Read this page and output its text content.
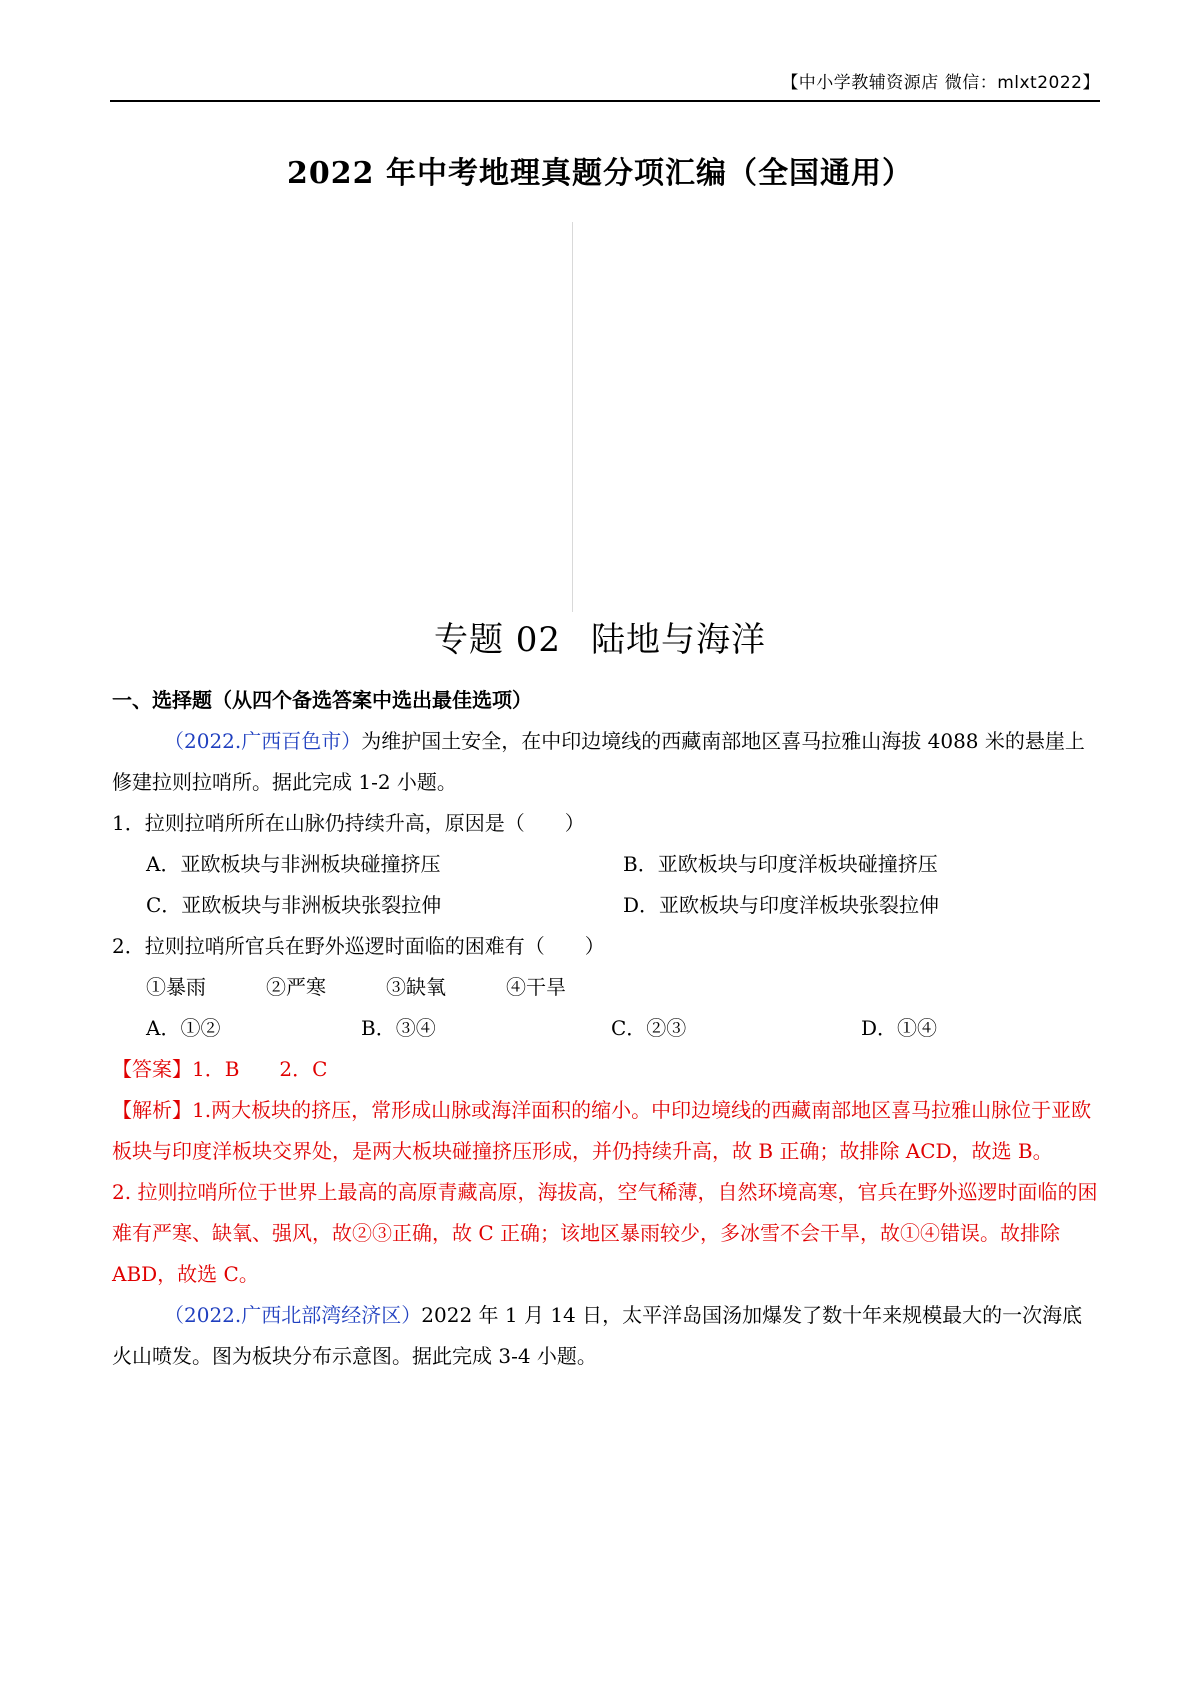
【中小学教辅资源店 微信：mlxt2022】
2022 年中考地理真题分项汇编（全国通用）
专题 02 陆地与海洋

一、选择题（从四个备选答案中选出最佳选项）

（2022.广西百色市）为维护国土安全，在中印边境线的西藏南部地区喜马拉雅山海拔 4088 米的悬崖上修建拉则拉哨所。据此完成 1-2 小题。

1．拉则拉哨所所在山脉仍持续升高，原因是（　　）

A．亚欧板块与非洲板块碰撞挤压	B．亚欧板块与印度洋板块碰撞挤压
C．亚欧板块与非洲板块张裂拉伸	D．亚欧板块与印度洋板块张裂拉伸

2．拉则拉哨所官兵在野外巡逻时面临的困难有（　　）

①暴雨	②严寒	③缺氧	④干旱
A．①②	B．③④	C．②③	D．①④

【答案】1．B　　2．C

【解析】1.两大板块的挤压，常形成山脉或海洋面积的缩小。中印边境线的西藏南部地区喜马拉雅山脉位于亚欧板块与印度洋板块交界处，是两大板块碰撞挤压形成，并仍持续升高，故 B 正确；故排除 ACD，故选 B。

2. 拉则拉哨所位于世界上最高的高原青藏高原，海拔高，空气稀薄，自然环境高寒，官兵在野外巡逻时面临的困难有严寒、缺氧、强风，故②③正确，故 C 正确；该地区暴雨较少，多冰雪不会干旱，故①④错误。故排除 ABD，故选 C。

（2022.广西北部湾经济区）2022 年 1 月 14 日，太平洋岛国汤加爆发了数十年来规模最大的一次海底火山喷发。图为板块分布示意图。据此完成 3-4 小题。
